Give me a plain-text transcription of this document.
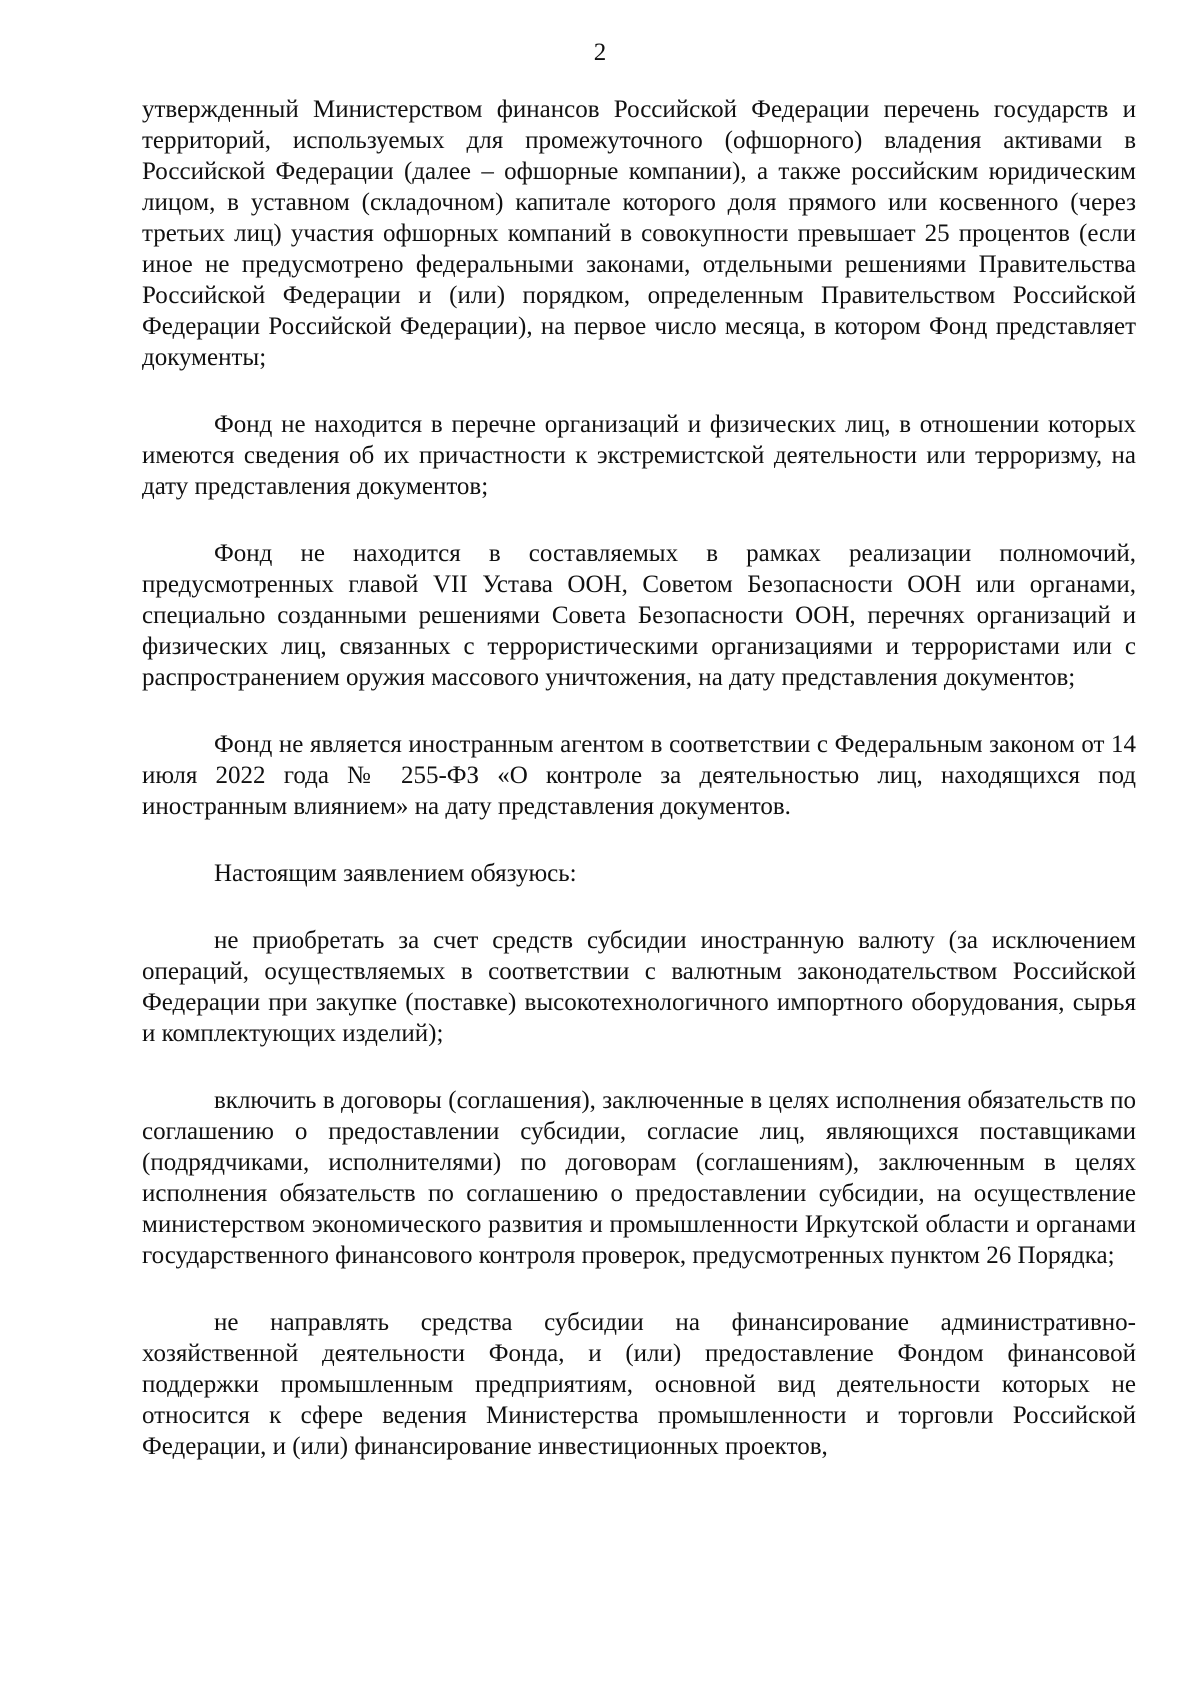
2

утвержденный Министерством финансов Российской Федерации перечень государств и территорий, используемых для промежуточного (офшорного) владения активами в Российской Федерации (далее – офшорные компании), а также российским юридическим лицом, в уставном (складочном) капитале которого доля прямого или косвенного (через третьих лиц) участия офшорных компаний в совокупности превышает 25 процентов (если иное не предусмотрено федеральными законами, отдельными решениями Правительства Российской Федерации и (или) порядком, определенным Правительством Российской Федерации Российской Федерации), на первое число месяца, в котором Фонд представляет документы;

Фонд не находится в перечне организаций и физических лиц, в отношении которых имеются сведения об их причастности к экстремистской деятельности или терроризму, на дату представления документов;

Фонд не находится в составляемых в рамках реализации полномочий, предусмотренных главой VII Устава ООН, Советом Безопасности ООН или органами, специально созданными решениями Совета Безопасности ООН, перечнях организаций и физических лиц, связанных с террористическими организациями и террористами или с распространением оружия массового уничтожения, на дату представления документов;

Фонд не является иностранным агентом в соответствии с Федеральным законом от 14 июля 2022 года № 255-ФЗ «О контроле за деятельностью лиц, находящихся под иностранным влиянием» на дату представления документов.

Настоящим заявлением обязуюсь:

не приобретать за счет средств субсидии иностранную валюту (за исключением операций, осуществляемых в соответствии с валютным законодательством Российской Федерации при закупке (поставке) высокотехнологичного импортного оборудования, сырья и комплектующих изделий);

включить в договоры (соглашения), заключенные в целях исполнения обязательств по соглашению о предоставлении субсидии, согласие лиц, являющихся поставщиками (подрядчиками, исполнителями) по договорам (соглашениям), заключенным в целях исполнения обязательств по соглашению о предоставлении субсидии, на осуществление министерством экономического развития и промышленности Иркутской области и органами государственного финансового контроля проверок, предусмотренных пунктом 26 Порядка;

не направлять средства субсидии на финансирование административно-хозяйственной деятельности Фонда, и (или) предоставление Фондом финансовой поддержки промышленным предприятиям, основной вид деятельности которых не относится к сфере ведения Министерства промышленности и торговли Российской Федерации, и (или) финансирование инвестиционных проектов,
